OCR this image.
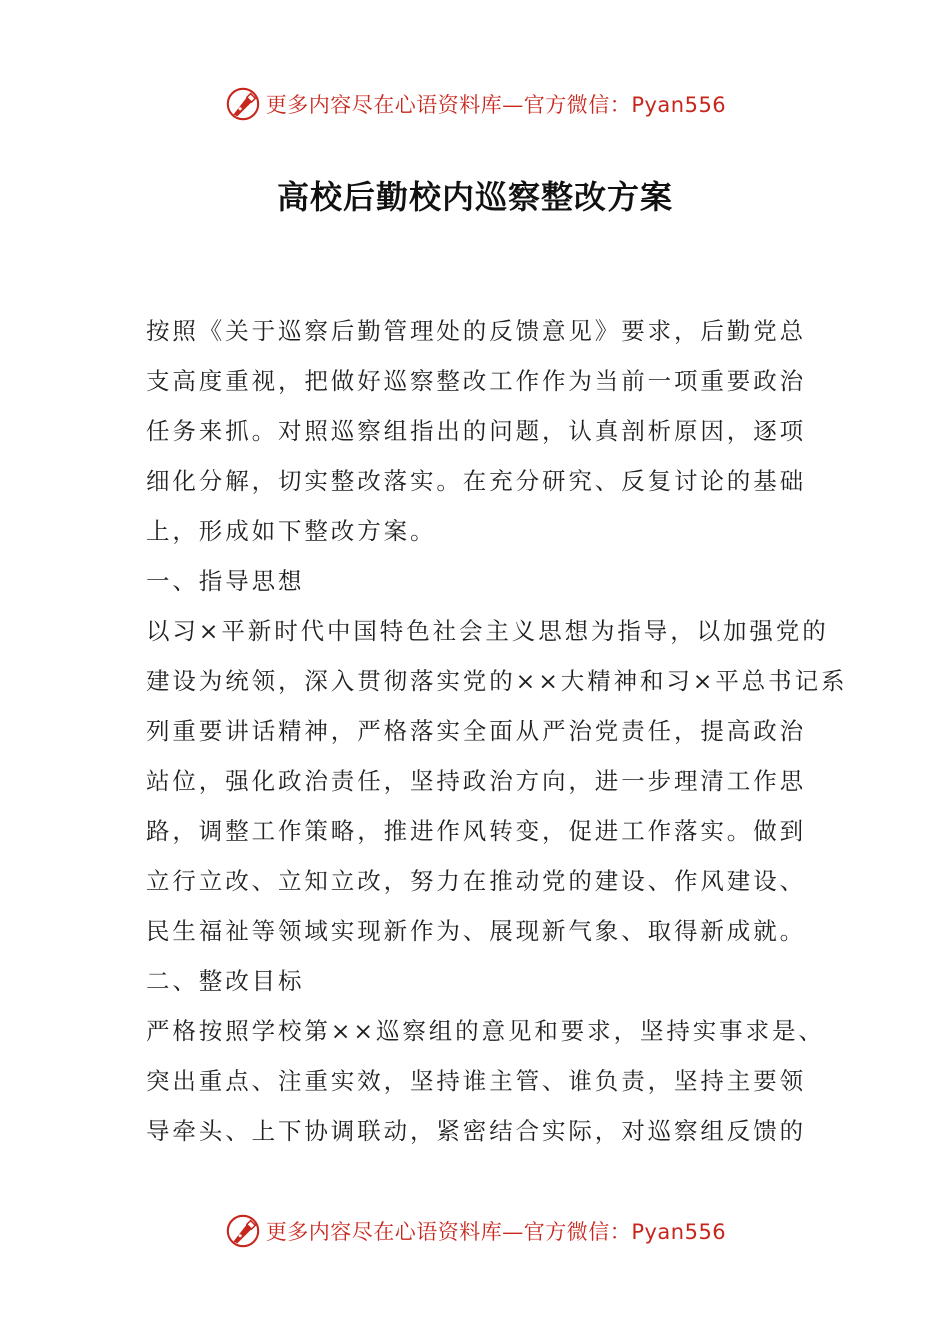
更多内容尽在心语资料库—官方微信：Pyan556
高校后勤校内巡察整改方案
按照《关于巡察后勤管理处的反馈意见》要求，后勤党总
支高度重视，把做好巡察整改工作作为当前一项重要政治
任务来抓。对照巡察组指出的问题，认真剖析原因，逐项
细化分解，切实整改落实。在充分研究、反复讨论的基础
上，形成如下整改方案。
一、指导思想
以习×平新时代中国特色社会主义思想为指导，以加强党的
建设为统领，深入贯彻落实党的××大精神和习×平总书记系
列重要讲话精神，严格落实全面从严治党责任，提高政治
站位，强化政治责任，坚持政治方向，进一步理清工作思
路，调整工作策略，推进作风转变，促进工作落实。做到
立行立改、立知立改，努力在推动党的建设、作风建设、
民生福祉等领域实现新作为、展现新气象、取得新成就。
二、整改目标
严格按照学校第××巡察组的意见和要求，坚持实事求是、
突出重点、注重实效，坚持谁主管、谁负责，坚持主要领
导牵头、上下协调联动，紧密结合实际，对巡察组反馈的
更多内容尽在心语资料库—官方微信：Pyan556
